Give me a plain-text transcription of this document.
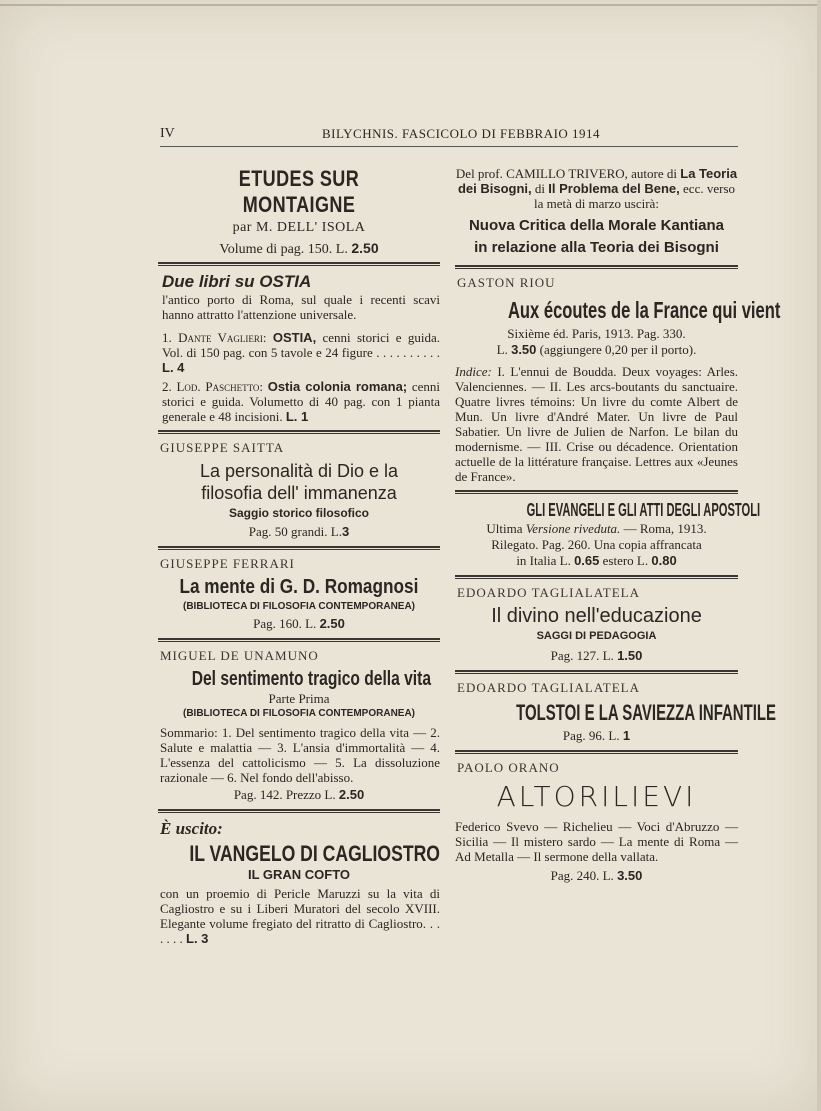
IV	BILYCHNIS. FASCICOLO DI FEBBRAIO 1914
ETUDES SUR MONTAIGNE
par M. DELL' ISOLA
Volume di pag. 150. L. 2.50
Due libri su OSTIA
l'antico porto di Roma, sul quale i recenti scavi hanno attratto l'attenzione universale.
1. Dante Vaglieri: OSTIA, cenni storici e guida. Vol. di 150 pag. con 5 tavole e 24 figure . . . . . . . . . . L. 4
2. Lod. Paschetto: Ostia colonia romana; cenni storici e guida. Volumetto di 40 pag. con 1 pianta generale e 48 incisioni. L. 1
GIUSEPPE SAITTA
La personalità di Dio e la
filosofia dell' immanenza
Saggio storico filosofico
Pag. 50 grandi. L.3
GIUSEPPE FERRARI
La mente di G. D. Romagnosi
(BIBLIOTECA DI FILOSOFIA CONTEMPORANEA)
Pag. 160. L. 2.50
MIGUEL DE UNAMUNO
Del sentimento tragico della vita
Parte Prima
(BIBLIOTECA DI FILOSOFIA CONTEMPORANEA)
Sommario: 1. Del sentimento tragico della vita — 2. Salute e malattia — 3. L'ansia d'immortalità — 4. L'essenza del cattolicismo — 5. La dissoluzione razionale — 6. Nel fondo dell'abisso.
Pag. 142. Prezzo L. 2.50
È uscito:
IL VANGELO DI CAGLIOSTRO
IL GRAN COFTO
con un proemio di Pericle Maruzzi su la vita di Cagliostro e su i Liberi Muratori del secolo XVIII. Elegante volume fregiato del ritratto di Cagliostro. . . . . . . L. 3
Del prof. CAMILLO TRIVERO, autore di La Teoria dei Bisogni, di Il Problema del Bene, ecc. verso la metà di marzo uscirà:
Nuova Critica della Morale Kantiana
in relazione alla Teoria dei Bisogni
GASTON RIOU
Aux écoutes de la France qui vient
Sixième éd. Paris, 1913. Pag. 330.
L. 3.50 (aggiungere 0,20 per il porto).
Indice: I. L'ennui de Boudda. Deux voyages: Arles. Valenciennes. — II. Les arcs-boutants du sanctuaire. Quatre livres témoins: Un livre du comte Albert de Mun. Un livre d'André Mater. Un livre de Paul Sabatier. Un livre de Julien de Narfon. Le bilan du modernisme. — III. Crise ou décadence. Orientation actuelle de la littérature française. Lettres aux «Jeunes de France».
GLI EVANGELI E GLI ATTI DEGLI APOSTOLI
Ultima Versione riveduta. — Roma, 1913.
Rilegato. Pag. 260. Una copia affrancata
in Italia L. 0.65 estero L. 0.80
EDOARDO TAGLIALATELA
Il divino nell'educazione
SAGGI DI PEDAGOGIA
Pag. 127. L. 1.50
EDOARDO TAGLIALATELA
TOLSTOI E LA SAVIEZZA INFANTILE
Pag. 96. L. 1
PAOLO ORANO
ALTORILIEVI
Federico Svevo — Richelieu — Voci d'Abruzzo — Sicilia — Il mistero sardo — La mente di Roma — Ad Metalla — Il sermone della vallata.
Pag. 240. L. 3.50
